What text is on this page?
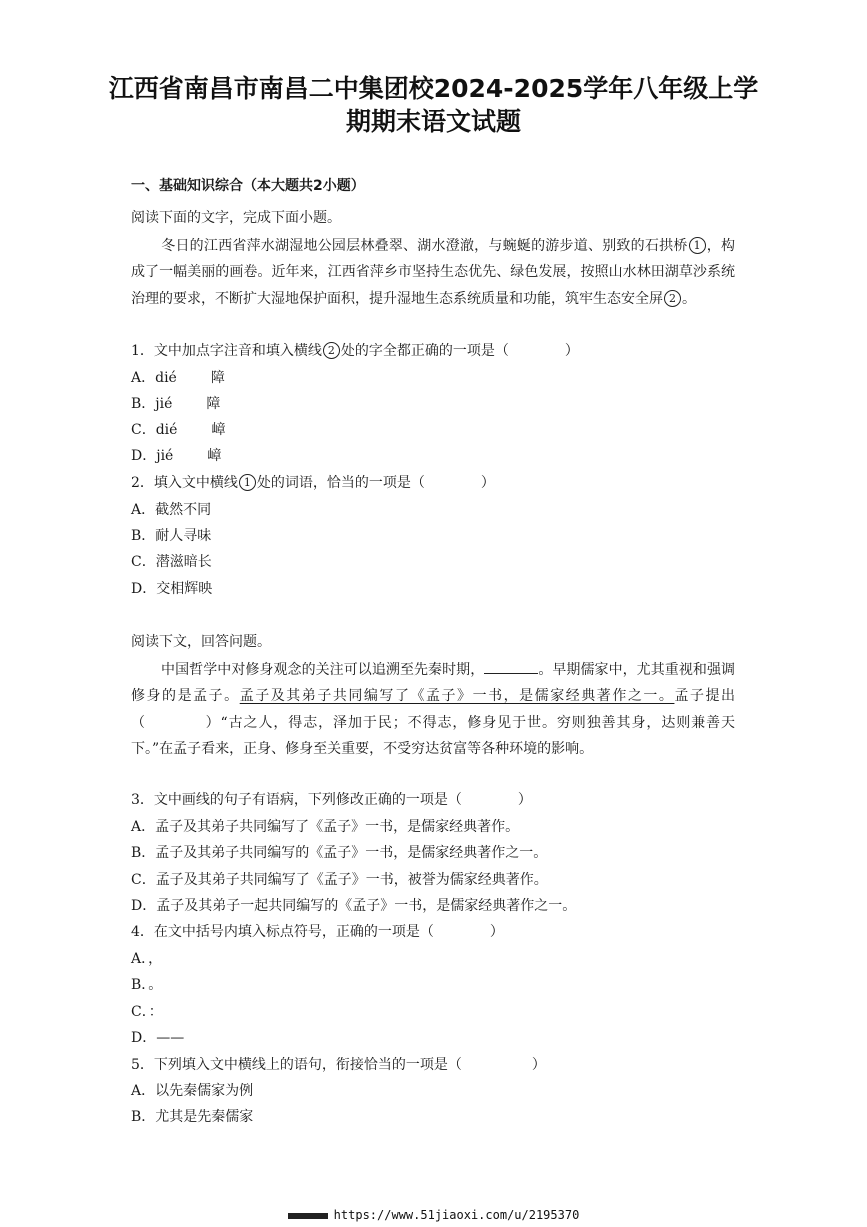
江西省南昌市南昌二中集团校2024-2025学年八年级上学
期期末语文试题
一、基础知识综合（本大题共2小题）
阅读下面的文字，完成下面小题。
冬日的江西省萍水湖湿地公园层林叠翠、湖水澄澈，与蜿蜒的游步道、别致的石拱桥 1 ，构成了一幅美丽的画卷。近年来，江西省萍乡市坚持生态优先、绿色发展，按照山水林田湖草沙系统治理的要求，不断扩大湿地保护面积，提升湿地生态系统质量和功能，筑牢生态安全屏 2 。
1．文中加点字注音和填入横线 2 处的字全都正确的一项是（　　　　）
A．dié 障
B．jié 障
C．dié 嶂
D．jié 嶂
2．填入文中横线 1 处的词语，恰当的一项是（　　　　）
A．截然不同
B．耐人寻味
C．潜滋暗长
D．交相辉映
阅读下文，回答问题。
中国哲学中对修身观念的关注可以追溯至先秦时期，	。早期儒家中，尤其重视和强调修身的是孟子。孟子及其弟子共同编写了《孟子》一书，是儒家经典著作之一。孟子提出（　　　　）“古之人，得志，泽加于民；不得志，修身见于世。穷则独善其身，达则兼善天下。”在孟子看来，正身、修身至关重要，不受穷达贫富等各种环境的影响。
3．文中画线的句子有语病，下列修改正确的一项是（　　　　）
A．孟子及其弟子共同编写了《孟子》一书，是儒家经典著作。
B．孟子及其弟子共同编写的《孟子》一书，是儒家经典著作之一。
C．孟子及其弟子共同编写了《孟子》一书，被誉为儒家经典著作。
D．孟子及其弟子一起共同编写的《孟子》一书，是儒家经典著作之一。
4．在文中括号内填入标点符号，正确的一项是（　　　　）
A．，
B．。
C．：
D．——
5．下列填入文中横线上的语句，衔接恰当的一项是（　　　　　）
A．以先秦儒家为例
B．尤其是先秦儒家
https://www.51jiaoxi.com/u/2195370
